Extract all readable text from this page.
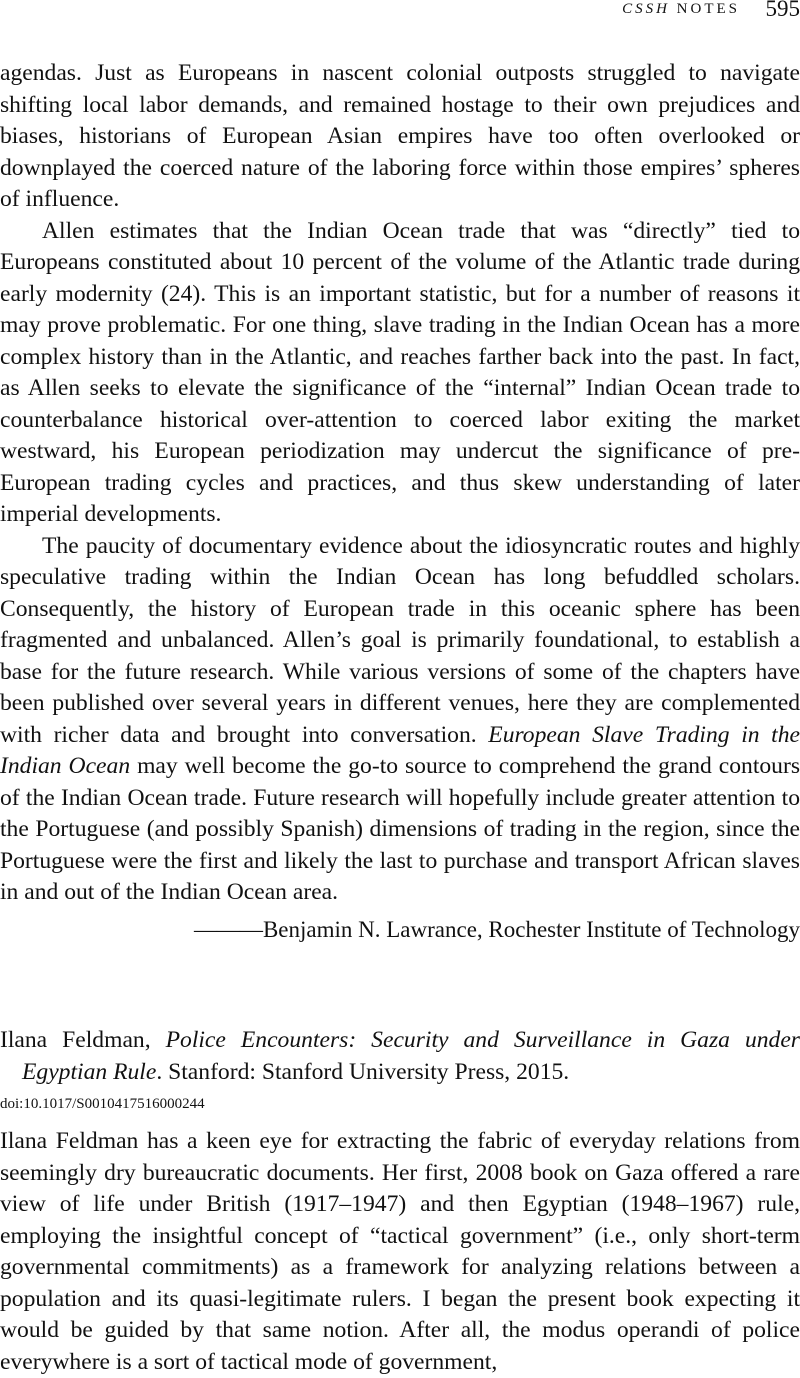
CSSH NOTES 595

agendas. Just as Europeans in nascent colonial outposts struggled to navigate shifting local labor demands, and remained hostage to their own prejudices and biases, historians of European Asian empires have too often overlooked or downplayed the coerced nature of the laboring force within those empires’ spheres of influence.

Allen estimates that the Indian Ocean trade that was “directly” tied to Europeans constituted about 10 percent of the volume of the Atlantic trade during early modernity (24). This is an important statistic, but for a number of reasons it may prove problematic. For one thing, slave trading in the Indian Ocean has a more complex history than in the Atlantic, and reaches farther back into the past. In fact, as Allen seeks to elevate the significance of the “internal” Indian Ocean trade to counterbalance historical over-attention to coerced labor exiting the market westward, his European periodization may undercut the significance of pre-European trading cycles and practices, and thus skew understanding of later imperial developments.

The paucity of documentary evidence about the idiosyncratic routes and highly speculative trading within the Indian Ocean has long befuddled scholars. Consequently, the history of European trade in this oceanic sphere has been fragmented and unbalanced. Allen’s goal is primarily foundational, to establish a base for the future research. While various versions of some of the chapters have been published over several years in different venues, here they are complemented with richer data and brought into conversation. European Slave Trading in the Indian Ocean may well become the go-to source to comprehend the grand contours of the Indian Ocean trade. Future research will hopefully include greater attention to the Portuguese (and possibly Spanish) dimensions of trading in the region, since the Portuguese were the first and likely the last to purchase and transport African slaves in and out of the Indian Ocean area.

———Benjamin N. Lawrance, Rochester Institute of Technology

Ilana Feldman, Police Encounters: Security and Surveillance in Gaza under Egyptian Rule. Stanford: Stanford University Press, 2015.

doi:10.1017/S0010417516000244

Ilana Feldman has a keen eye for extracting the fabric of everyday relations from seemingly dry bureaucratic documents. Her first, 2008 book on Gaza offered a rare view of life under British (1917–1947) and then Egyptian (1948–1967) rule, employing the insightful concept of “tactical government” (i.e., only short-term governmental commitments) as a framework for analyzing relations between a population and its quasi-legitimate rulers. I began the present book expecting it would be guided by that same notion. After all, the modus operandi of police everywhere is a sort of tactical mode of government,
